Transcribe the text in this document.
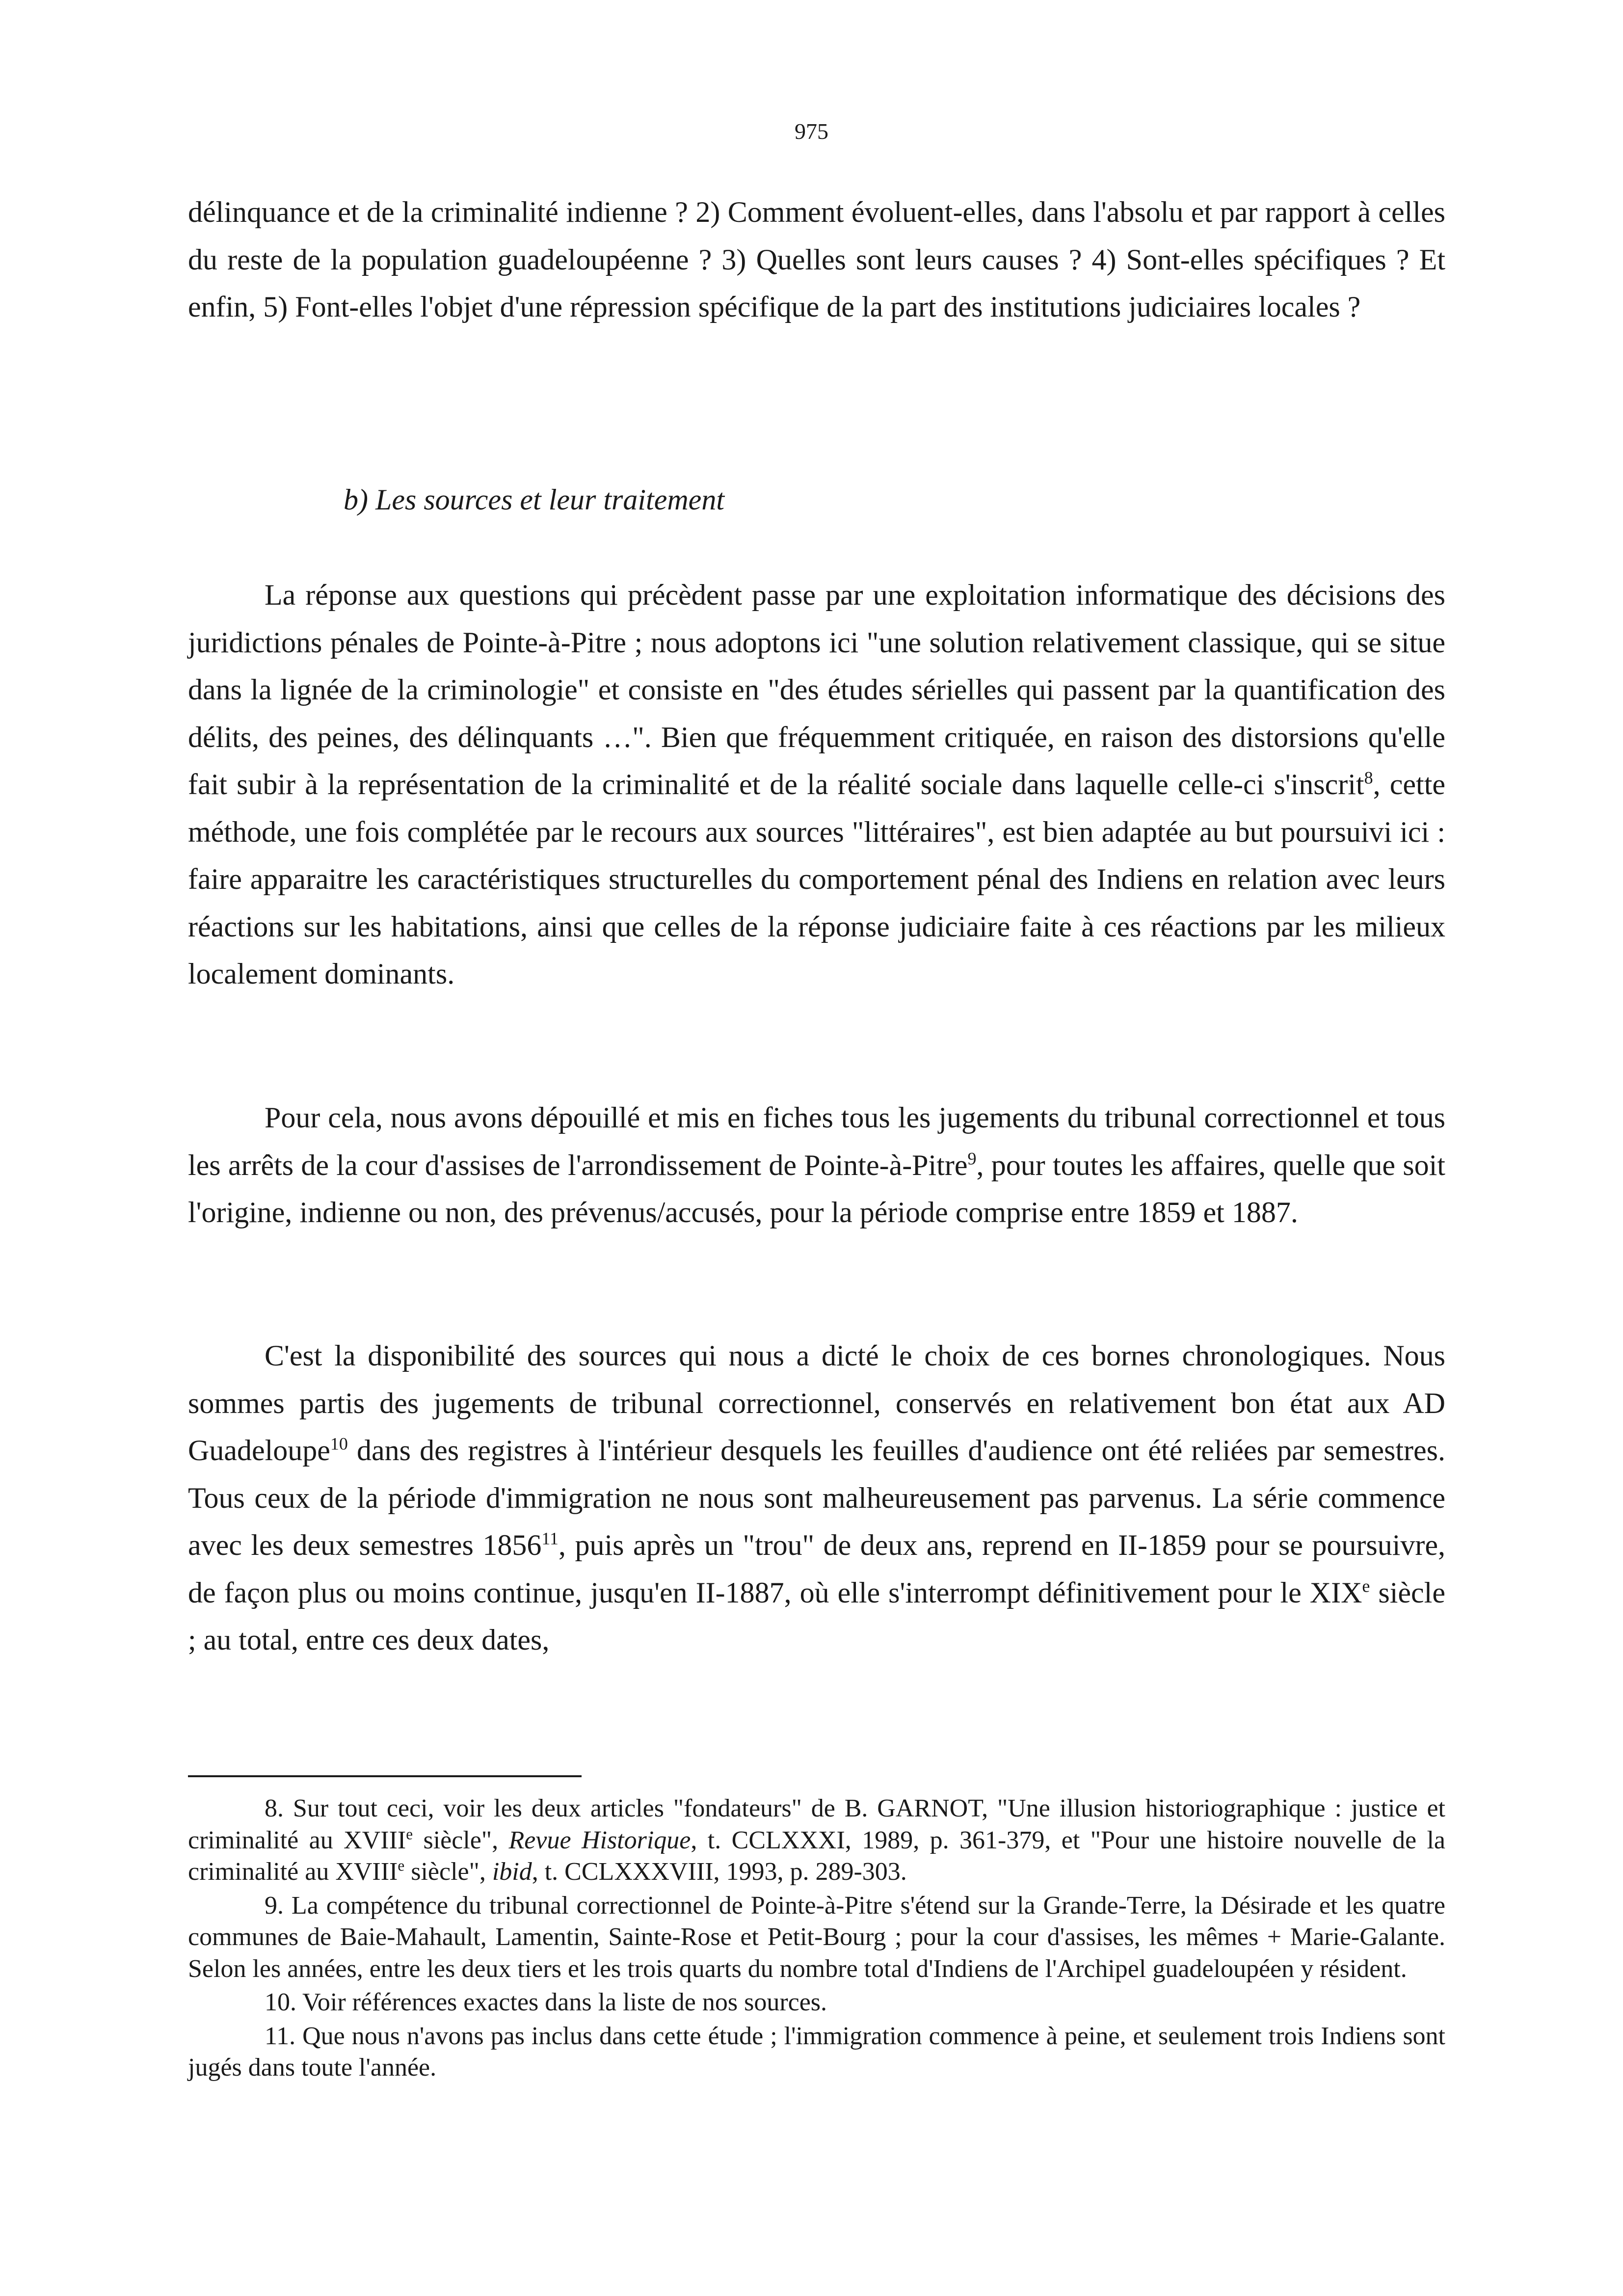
975

délinquance et de la criminalité indienne ? 2) Comment évoluent-elles, dans l'absolu et par rapport à celles du reste de la population guadeloupéenne ? 3) Quelles sont leurs causes ? 4) Sont-elles spécifiques ? Et enfin, 5) Font-elles l'objet d'une répression spécifique de la part des institutions judiciaires locales ?

b) Les sources et leur traitement

La réponse aux questions qui précèdent passe par une exploitation informatique des décisions des juridictions pénales de Pointe-à-Pitre ; nous adoptons ici "une solution relativement classique, qui se situe dans la lignée de la criminologie" et consiste en "des études sérielles qui passent par la quantification des délits, des peines, des délinquants …". Bien que fréquemment critiquée, en raison des distorsions qu'elle fait subir à la représentation de la criminalité et de la réalité sociale dans laquelle celle-ci s'inscrit$^8$, cette méthode, une fois complétée par le recours aux sources "littéraires", est bien adaptée au but poursuivi ici : faire apparaitre les caractéristiques structurelles du comportement pénal des Indiens en relation avec leurs réactions sur les habitations, ainsi que celles de la réponse judiciaire faite à ces réactions par les milieux localement dominants.

Pour cela, nous avons dépouillé et mis en fiches tous les jugements du tribunal correctionnel et tous les arrêts de la cour d'assises de l'arrondissement de Pointe-à-Pitre$^9$, pour toutes les affaires, quelle que soit l'origine, indienne ou non, des prévenus/accusés, pour la période comprise entre 1859 et 1887.

C'est la disponibilité des sources qui nous a dicté le choix de ces bornes chronologiques. Nous sommes partis des jugements de tribunal correctionnel, conservés en relativement bon état aux AD Guadeloupe$^{10}$ dans des registres à l'intérieur desquels les feuilles d'audience ont été reliées par semestres. Tous ceux de la période d'immigration ne nous sont malheureusement pas parvenus. La série commence avec les deux semestres 1856$^{11}$, puis après un "trou" de deux ans, reprend en II-1859 pour se poursuivre, de façon plus ou moins continue, jusqu'en II-1887, où elle s'interrompt définitivement pour le XIXe siècle ; au total, entre ces deux dates,

8. Sur tout ceci, voir les deux articles "fondateurs" de B. GARNOT, "Une illusion historiographique : justice et criminalité au XVIIIe siècle", Revue Historique, t. CCLXXXI, 1989, p. 361-379, et "Pour une histoire nouvelle de la criminalité au XVIIIe siècle", ibid, t. CCLXXXVIII, 1993, p. 289-303.

9. La compétence du tribunal correctionnel de Pointe-à-Pitre s'étend sur la Grande-Terre, la Désirade et les quatre communes de Baie-Mahault, Lamentin, Sainte-Rose et Petit-Bourg ; pour la cour d'assises, les mêmes + Marie-Galante. Selon les années, entre les deux tiers et les trois quarts du nombre total d'Indiens de l'Archipel guadeloupéen y résident.

10. Voir références exactes dans la liste de nos sources.

11. Que nous n'avons pas inclus dans cette étude ; l'immigration commence à peine, et seulement trois Indiens sont jugés dans toute l'année.
